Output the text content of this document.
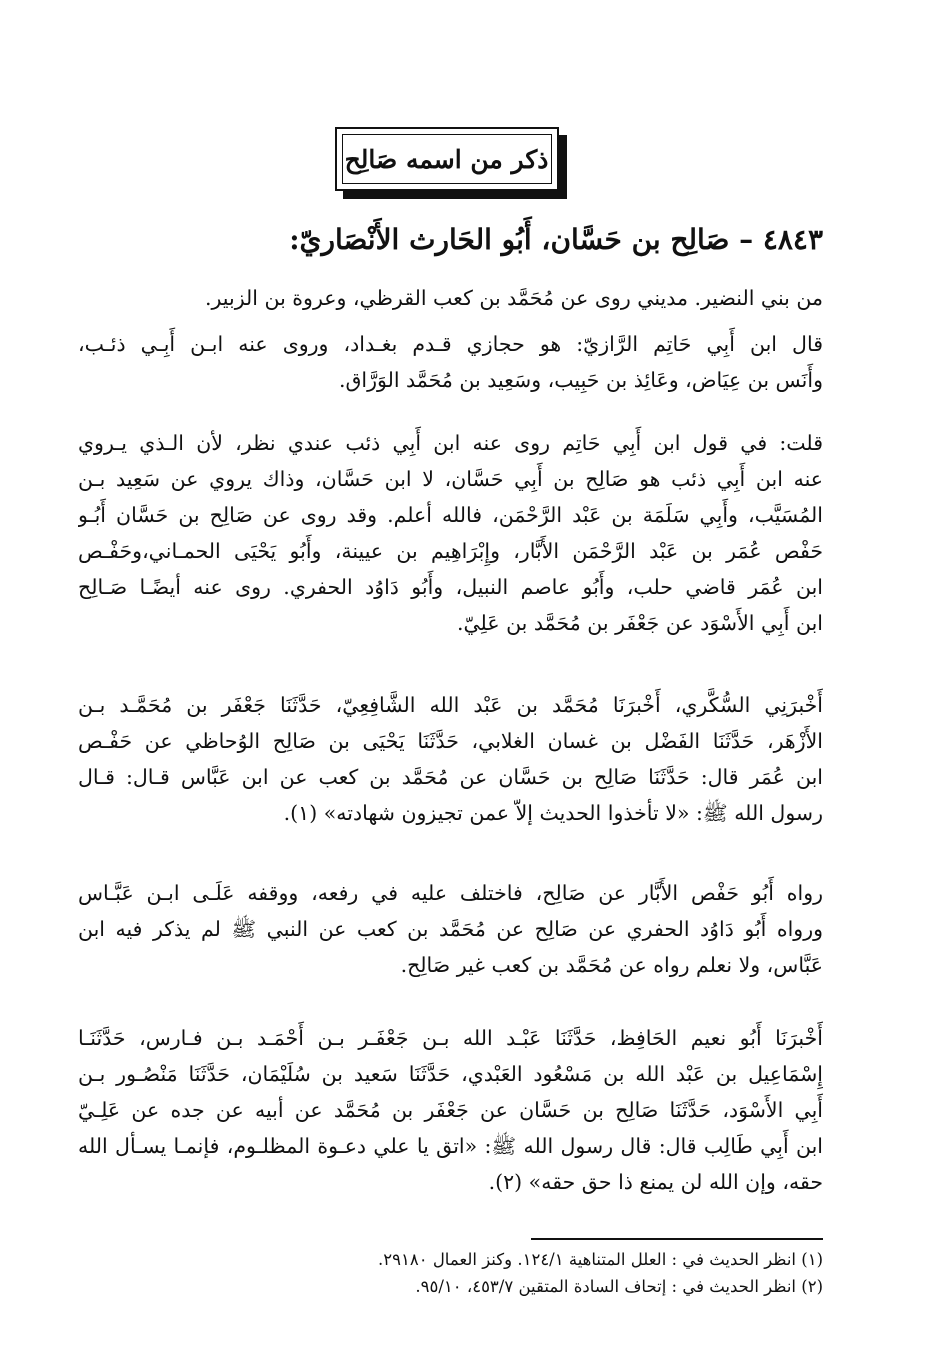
ذكر من اسمه صَالِح
٤٨٤٣ – صَالِح بن حَسَّان، أَبُو الحَارث الأَنْصَاريّ:
من بني النضير. مديني روى عن مُحَمَّد بن كعب القرظي، وعروة بن الزبير.
قال ابن أَبِي حَاتِم الرَّازيّ: هو حجازي قـدم بغـداد، وروى عنه ابـن أَبِـي ذئـب،
وأَنَس بن عِيَاض، وعَائِذ بن حَبِيب، وسَعِيد بن مُحَمَّد الوَرَّاق.
قلت: في قول ابن أَبِي حَاتِم روى عنه ابن أَبِي ذئب عندي نظر، لأن الـذي يـروي
عنه ابن أَبِي ذئب هو صَالِح بن أَبِي حَسَّان، لا ابن حَسَّان، وذاك يروي عن سَعِيد بـن
المُسَيَّب، وأَبِي سَلَمَة بن عَبْد الرَّحْمَن، فالله أعلم. وقد روى عن صَالِح بن حَسَّان أَبُـو
حَفْص عُمَر بن عَبْد الرَّحْمَن الأَبَّار، وإِبْرَاهِيم بن عيينة، وأَبُو يَحْيَى الحمـاني،وحَفْـص
ابن عُمَر قاضي حلب، وأَبُو عاصم النبيل، وأَبُو دَاوُد الحفري. روى عنه أيضًـا صَـالِح
ابن أَبِي الأَسْوَد عن جَعْفَر بن مُحَمَّد بن عَلِيّ.
أَخْبرَنِي السُّكَّري، أَخْبرَنَا مُحَمَّد بن عَبْد الله الشَّافِعِيّ، حَدَّثَنَا جَعْفَر بن مُحَمَّـد بـن
الأَزْهَر، حَدَّثَنَا الفَضْل بن غسان الغلابي، حَدَّثَنَا يَحْيَى بن صَالِح الوُحاظي عن حَفْـص
ابن عُمَر قال: حَدَّثَنَا صَالِح بن حَسَّان عن مُحَمَّد بن كعب عن ابن عَبَّاس قـال: قـال
رسول الله ﷺ: «لا تأخذوا الحديث إلاّ عمن تجيزون شهادته» (١).
رواه أَبُو حَفْص الأَبَّار عن صَالِح، فاختلف عليه في رفعه، ووقفه عَلَـى ابـن عَبَّـاس
ورواه أَبُو دَاوُد الحفري عن صَالِح عن مُحَمَّد بن كعب عن النبي ﷺ لم يذكر فيه ابن
عَبَّاس، ولا نعلم رواه عن مُحَمَّد بن كعب غير صَالِح.
أَخْبرَنَا أَبُو نعيم الحَافِظ، حَدَّثَنَا عَبْـد الله بـن جَعْفَـر بـن أَحْمَـد بـن فـارس، حَدَّثَنَـا
إِسْمَاعِيل بن عَبْد الله بن مَسْعُود العَبْدي، حَدَّثَنَا سَعيد بن سُلَيْمَان، حَدَّثَنَا مَنْصُـور بـن
أَبِي الأَسْوَد، حَدَّثَنَا صَالِح بن حَسَّان عن جَعْفَر بن مُحَمَّد عن أبيه عن جده عن عَلِـيّ
ابن أَبِي طَالِب قال: قال رسول الله ﷺ: «اتق يا علي دعـوة المظلـوم، فإنمـا يسـأل الله
حقه، وإن الله لن يمنع ذا حق حقه» (٢).
(١) انظر الحديث في : العلل المتناهية ١٢٤/١. وكنز العمال ٢٩١٨٠.
(٢) انظر الحديث في : إتحاف السادة المتقين ٤٥٣/٧، ٩٥/١٠.
